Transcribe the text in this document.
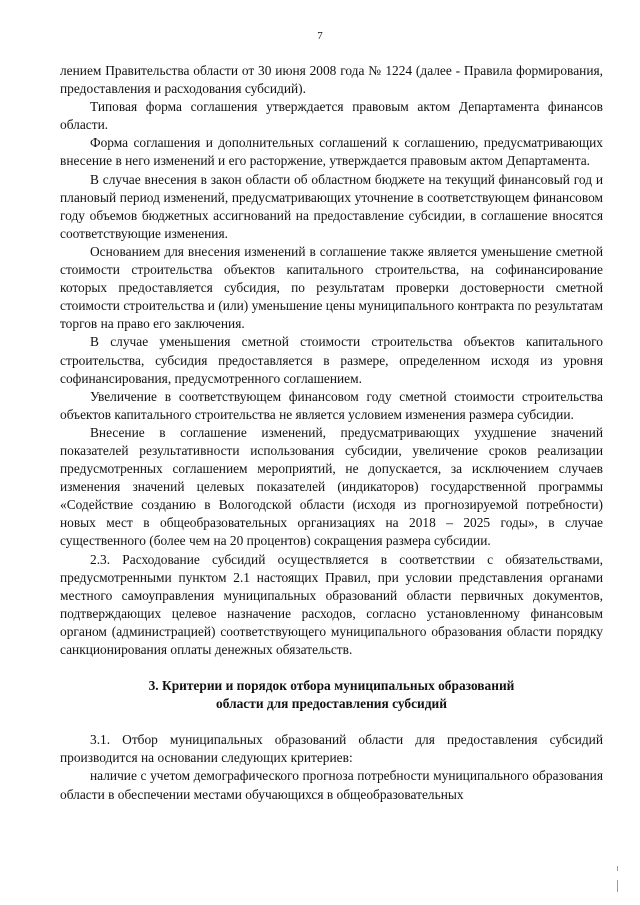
7

лением Правительства области от 30 июня 2008 года № 1224 (далее - Правила формирования, предоставления и расходования субсидий).

Типовая форма соглашения утверждается правовым актом Департамента финансов области.

Форма соглашения и дополнительных соглашений к соглашению, предусматривающих внесение в него изменений и его расторжение, утверждается правовым актом Департамента.

В случае внесения в закон области об областном бюджете на текущий финансовый год и плановый период изменений, предусматривающих уточнение в соответствующем финансовом году объемов бюджетных ассигнований на предоставление субсидии, в соглашение вносятся соответствующие изменения.

Основанием для внесения изменений в соглашение также является уменьшение сметной стоимости строительства объектов капитального строительства, на софинансирование которых предоставляется субсидия, по результатам проверки достоверности сметной стоимости строительства и (или) уменьшение цены муниципального контракта по результатам торгов на право его заключения.

В случае уменьшения сметной стоимости строительства объектов капитального строительства, субсидия предоставляется в размере, определенном исходя из уровня софинансирования, предусмотренного соглашением.

Увеличение в соответствующем финансовом году сметной стоимости строительства объектов капитального строительства не является условием изменения размера субсидии.

Внесение в соглашение изменений, предусматривающих ухудшение значений показателей результативности использования субсидии, увеличение сроков реализации предусмотренных соглашением мероприятий, не допускается, за исключением случаев изменения значений целевых показателей (индикаторов) государственной программы «Содействие созданию в Вологодской области (исходя из прогнозируемой потребности) новых мест в общеобразовательных организациях на 2018 – 2025 годы», в случае существенного (более чем на 20 процентов) сокращения размера субсидии.

2.3. Расходование субсидий осуществляется в соответствии с обязательствами, предусмотренными пунктом 2.1 настоящих Правил, при условии представления органами местного самоуправления муниципальных образований области первичных документов, подтверждающих целевое назначение расходов, согласно установленному финансовым органом (администрацией) соответствующего муниципального образования области порядку санкционирования оплаты денежных обязательств.

3. Критерии и порядок отбора муниципальных образований
области для предоставления субсидий

3.1. Отбор муниципальных образований области для предоставления субсидий производится на основании следующих критериев:

наличие с учетом демографического прогноза потребности муниципального образования области в обеспечении местами обучающихся в общеобразовательных
